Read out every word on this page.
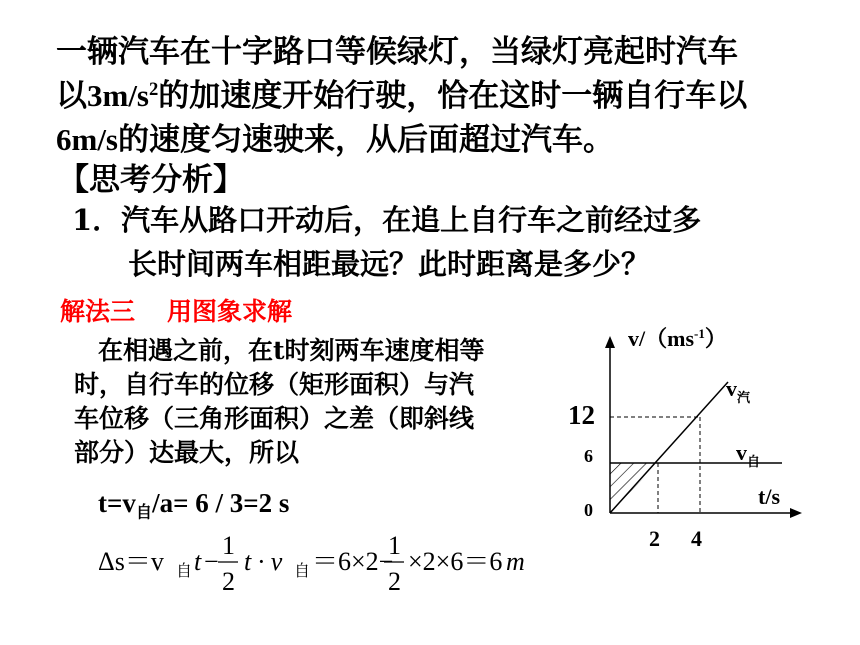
一辆汽车在十字路口等候绿灯，当绿灯亮起时汽车
以$3m/s^2$的加速度开始行驶，恰在这时一辆自行车以
6m/s的速度匀速驶来，从后面超过汽车。
【思考分析】
1．汽车从路口开动后，在追上自行车之前经过多
长时间两车相距最远？此时距离是多少？
解法三 用图象求解
在相遇之前，在t时刻两车速度相等
时，自行车的位移（矩形面积）与汽
车位移（三角形面积）之差（即斜线
部分）达最大，所以
$t=v_自/a= 6 / 3=2$ s
Δs＝v 自 t −
1
2
t · v 自 ＝6×2−
1
2
×2×6＝6 m
$v/(ms^{-1})$
t/s
12
6
0
2 4
$v_汽$
$v_自$
